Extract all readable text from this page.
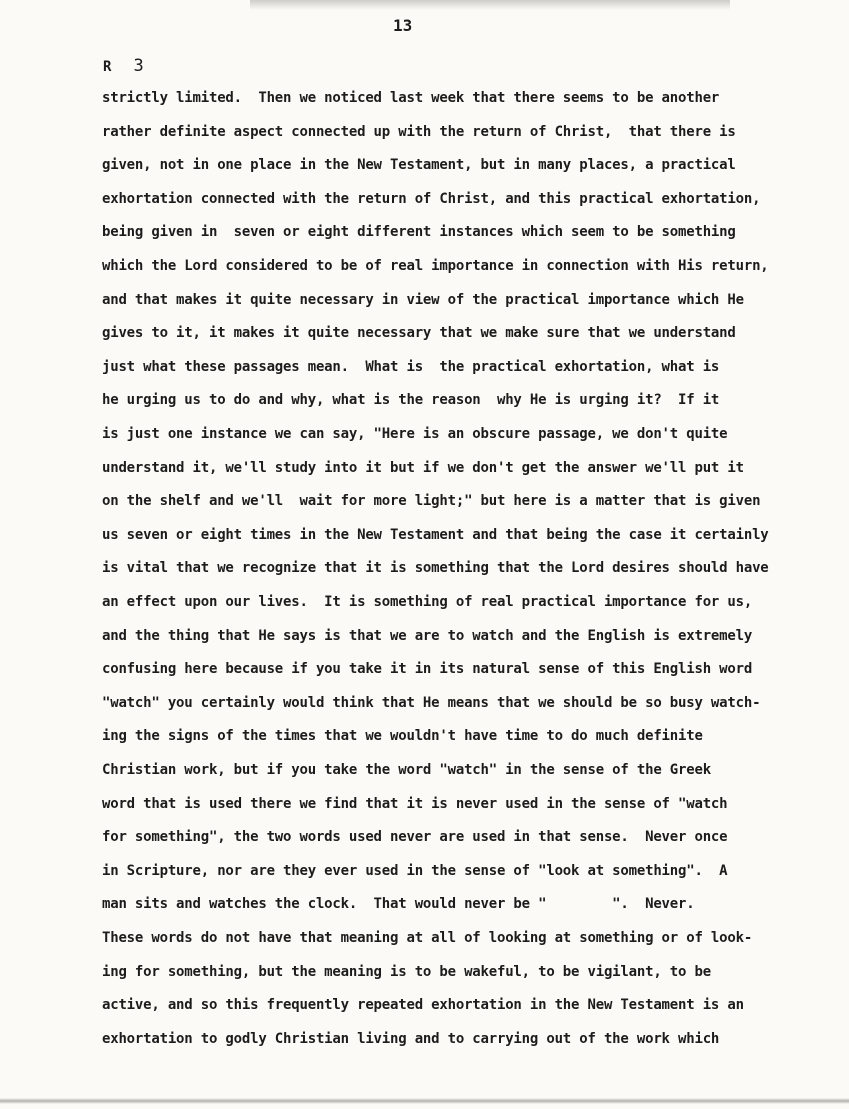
13
R 3
strictly limited.  Then we noticed last week that there seems to be another
rather definite aspect connected up with the return of Christ,  that there is
given, not in one place in the New Testament, but in many places, a practical
exhortation connected with the return of Christ, and this practical exhortation,
being given in  seven or eight different instances which seem to be something
which the Lord considered to be of real importance in connection with His return,
and that makes it quite necessary in view of the practical importance which He
gives to it, it makes it quite necessary that we make sure that we understand
just what these passages mean.  What is  the practical exhortation, what is
he urging us to do and why, what is the reason  why He is urging it?  If it
is just one instance we can say, "Here is an obscure passage, we don't quite
understand it, we'll study into it but if we don't get the answer we'll put it
on the shelf and we'll  wait for more light;" but here is a matter that is given
us seven or eight times in the New Testament and that being the case it certainly
is vital that we recognize that it is something that the Lord desires should have
an effect upon our lives.  It is something of real practical importance for us,
and the thing that He says is that we are to watch and the English is extremely
confusing here because if you take it in its natural sense of this English word
"watch" you certainly would think that He means that we should be so busy watch-
ing the signs of the times that we wouldn't have time to do much definite
Christian work, but if you take the word "watch" in the sense of the Greek
word that is used there we find that it is never used in the sense of "watch
for something", the two words used never are used in that sense.  Never once
in Scripture, nor are they ever used in the sense of "look at something".  A
man sits and watches the clock.  That would never be "        ".  Never.
These words do not have that meaning at all of looking at something or of look-
ing for something, but the meaning is to be wakeful, to be vigilant, to be
active, and so this frequently repeated exhortation in the New Testament is an
exhortation to godly Christian living and to carrying out of the work which
